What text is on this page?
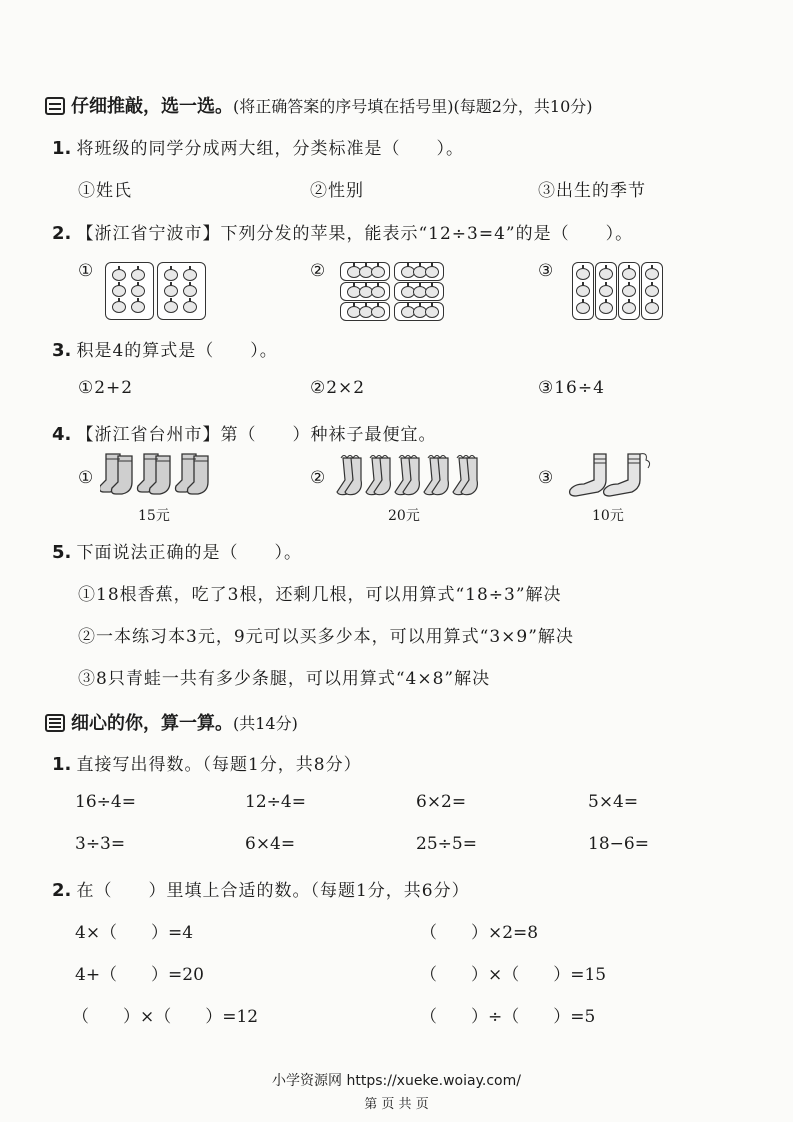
仔细推敲，选一选。(将正确答案的序号填在括号里)(每题2分，共10分)
1. 将班级的同学分成两大组，分类标准是（　　）。
①姓氏	②性别	③出生的季节
2. 【浙江省宁波市】下列分发的苹果，能表示“12÷3=4”的是（　　）。
①	②	③
3. 积是4的算式是（　　）。
①2+2	②2×2	③16÷4
4. 【浙江省台州市】第（　　）种袜子最便宜。
①	②	③
15元	20元	10元
5. 下面说法正确的是（　　）。
①18根香蕉，吃了3根，还剩几根，可以用算式“18÷3”解决
②一本练习本3元，9元可以买多少本，可以用算式“3×9”解决
③8只青蛙一共有多少条腿，可以用算式“4×8”解决
细心的你，算一算。(共14分)
1. 直接写出得数。（每题1分，共8分）
16÷4=	12÷4=	6×2=	5×4=
3÷3=	6×4=	25÷5=	18−6=
2. 在（　　）里填上合适的数。（每题1分，共6分）
4×（　　）=4	（　　）×2=8
4+（　　）=20	（　　）×（　　）=15
（　　）×（　　）=12	（　　）÷（　　）=5
小学资源网 https://xueke.woiay.com/
第 页 共 页
